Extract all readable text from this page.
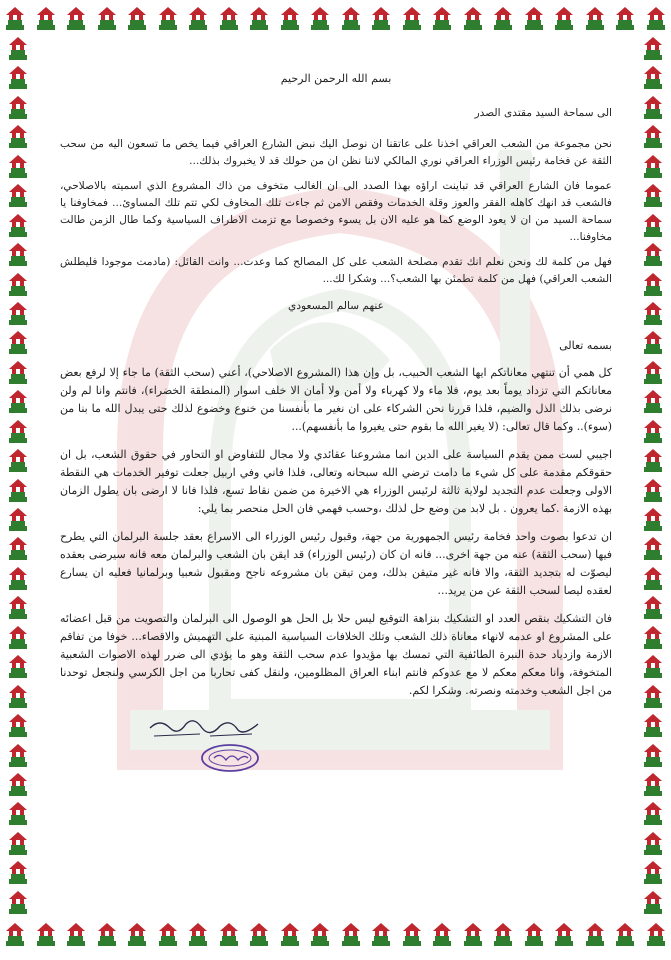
بسم الله الرحمن الرحيم

الى سماحة السيد مقتدى الصدر

نحن مجموعة من الشعب العراقي اخذنا على عاتقنا ان نوصل اليك نبض الشارع العراقي فيما يخص ما تسعون اليه من سحب الثقة عن فخامة رئيس الوزراء العراقي نوري المالكي لاننا نظن ان من حولك قد لا يخبروك بذلك...

عموما فان الشارع العراقي قد تباينت اراؤه بهذا الصدد الى ان الغالب متخوف من ذاك المشروع الذي اسميته بالاصلاحي، فالشعب قد انهك كاهله الفقر والعوز وقلة الخدمات وفقص الامن ثم جاءت تلك المخاوف لكي تتم تلك المساوئ... فمخاوفنا يا سماحة السيد من ان لا يعود الوضع كما هو عليه الان بل يسوء وخصوصا مع تزمت الاطراف السياسية وكما طال الزمن طالت مخاوفنا...

فهل من كلمة لك ونحن نعلم انك تقدم مصلحة الشعب على كل المصالح كما وعدت... وانت القائل: (مادمت موجودا فليطلش الشعب العراقي) فهل من كلمة تطمئن بها الشعب؟... وشكرا لك...

عنهم سالم المسعودي

بسمه تعالى

كل همي أن تنتهي معاناتكم ايها الشعب الحبيب، بل وإن هذا (المشروع الاصلاحي)، أعني (سحب الثقة) ما جاء إلا لرفع بعض معاناتكم التي تزداد يوماً بعد يوم، فلا ماء ولا كهرباء ولا أمن ولا أمان الا خلف اسوار (المنطقة الخضراء)، فانتم وانا لم ولن نرضى بذلك الذل والضيم، فلذا قررنا نحن الشركاء على ان نغير ما بأنفسنا من خنوع وخضوع لذلك حتى يبدل الله ما بنا من (سوء).. وكما قال تعالى: (لا يغير الله ما بقوم حتى يغيروا ما بأنفسهم)...

اجيبي لست ممن يقدم السياسة على الدين انما مشروعنا عقائدي ولا مجال للتفاوض او التحاور في حقوق الشعب، بل ان حقوقكم مقدمة على كل شيء ما دامت ترضي الله سبحانه وتعالى، فلذا فاني وفي اربيل جعلت توفير الخدمات هي النقطة الاولى وجعلت عدم التجديد لولاية ثالثة لرئيس الوزراء هي الاخيرة من ضمن نقاط تسع، فلذا فانا لا ارضى بان يطول الزمان بهذه الازمة .كما يعرون . بل لابد من وضع حل لذلك ،وحسب فهمي فان الحل منحصر بما يلي:

ان تدعوا بصوت واحد فخامة رئيس الجمهورية من جهة، وقبول رئيس الوزراء الى الاسراع بعقد جلسة البرلمان التي يطرح فيها (سحب الثقة) عنه من جهة اخرى... فانه ان كان (رئيس الوزراء) قد ايقن بان الشعب والبرلمان معه فانه سيرضى بعقده ليصوّت له بتجديد الثقة، والا فانه غير متيقن بذلك، ومن تيقن بان مشروعه ناجح ومقبول شعبيا وبرلمانيا فعليه ان يسارع لعقده ليصا لسحب الثقة عن من يريد...

فان التشكيك بنقص العدد او التشكيك بنزاهة التوقيع ليس حلا بل الحل هو الوصول الى البرلمان والتصويت من قبل اعضائه على المشروع او عدمه لانهاء معاناة ذلك الشعب وتلك الخلافات السياسية المبنية على التهميش والاقصاء... خوفا من تفاقم الازمة وازدياد حدة النبرة الطائفية التي تمسك بها مؤيدوا عدم سحب الثقة وهو ما يؤدي الى ضرر لهذه الاصوات الشعبية المتخوفة، وانا معكم معكم لا مع عدوكم فانتم ابناء العراق المظلومين، ولنقل كفى تحاربا من اجل الكرسي ولنجعل توحدنا من اجل الشعب وخدمته ونصرته. وشكرا لكم.
